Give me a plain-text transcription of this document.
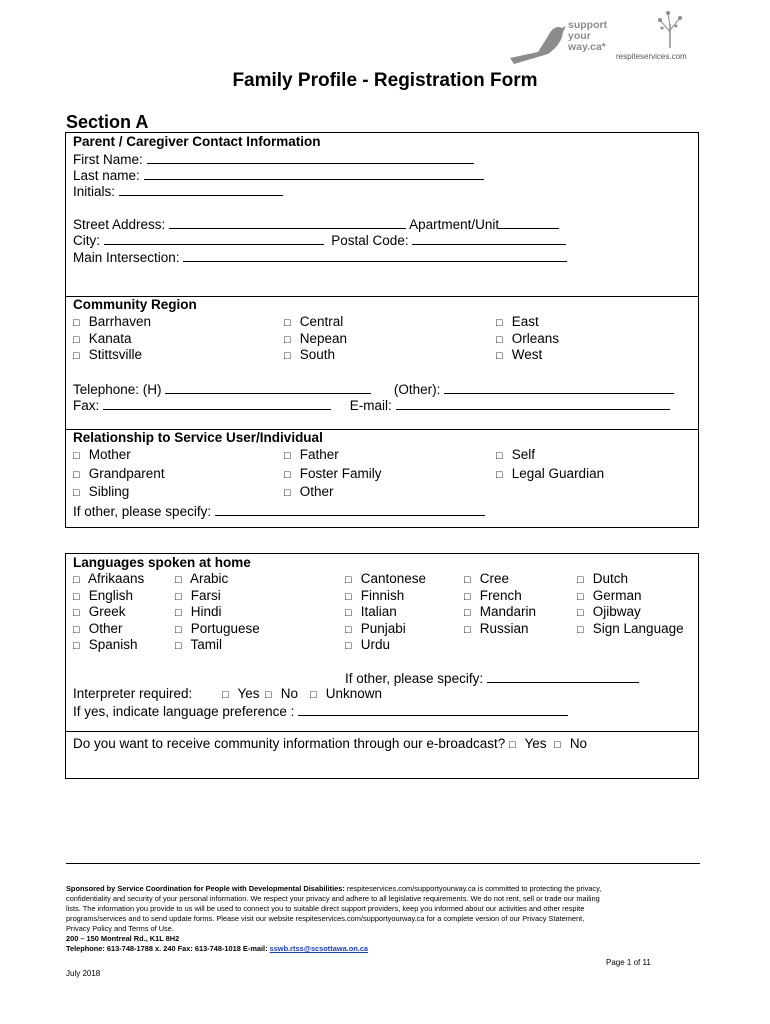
support
your
way.ca*
respiteservices.com
Family Profile - Registration Form
Section A
Parent / Caregiver Contact Information
First Name:
Last name:
Initials:
Street Address:	Apartment/Unit
City:	Postal Code:
Main Intersection:
Community Region
□ Barrhaven	□ Central	□ East
□ Kanata	□ Nepean	□ Orleans
□ Stittsville	□ South	□ West
Telephone: (H)	(Other):
Fax:	E-mail:
Relationship to Service User/Individual
□ Mother	□ Father	□ Self
□ Grandparent	□ Foster Family	□ Legal Guardian
□ Sibling	□ Other
If other, please specify:
Languages spoken at home
□ Afrikaans	□ Arabic	□ Cantonese	□ Cree	□ Dutch
□ English	□ Farsi	□ Finnish	□ French	□ German
□ Greek	□ Hindi	□ Italian	□ Mandarin	□ Ojibway
□ Other	□ Portuguese	□ Punjabi	□ Russian	□ Sign Language
□ Spanish	□ Tamil	□ Urdu
If other, please specify:
Interpreter required:	□ Yes □ No □ Unknown
If yes, indicate language preference :
Do you want to receive community information through our e-broadcast? □ Yes □ No
Sponsored by Service Coordination for People with Developmental Disabilities: respiteservices.com/supportyourway.ca is committed to protecting the privacy,
confidentiality and security of your personal information. We respect your privacy and adhere to all legislative requirements. We do not rent, sell or trade our mailing
lists. The information you provide to us will be used to connect you to suitable direct support providers, keep you informed about our activities and other respite
programs/services and to send update forms. Please visit our website respiteservices.com/supportyourway.ca for a complete version of our Privacy Statement,
Privacy Policy and Terms of Use.
200 – 150 Montreal Rd., K1L 8H2
Telephone: 613-748-1788 x. 240 Fax: 613-748-1018 E-mail: sswb.rtss@scsottawa.on.ca
Page 1 of 11
July 2018
